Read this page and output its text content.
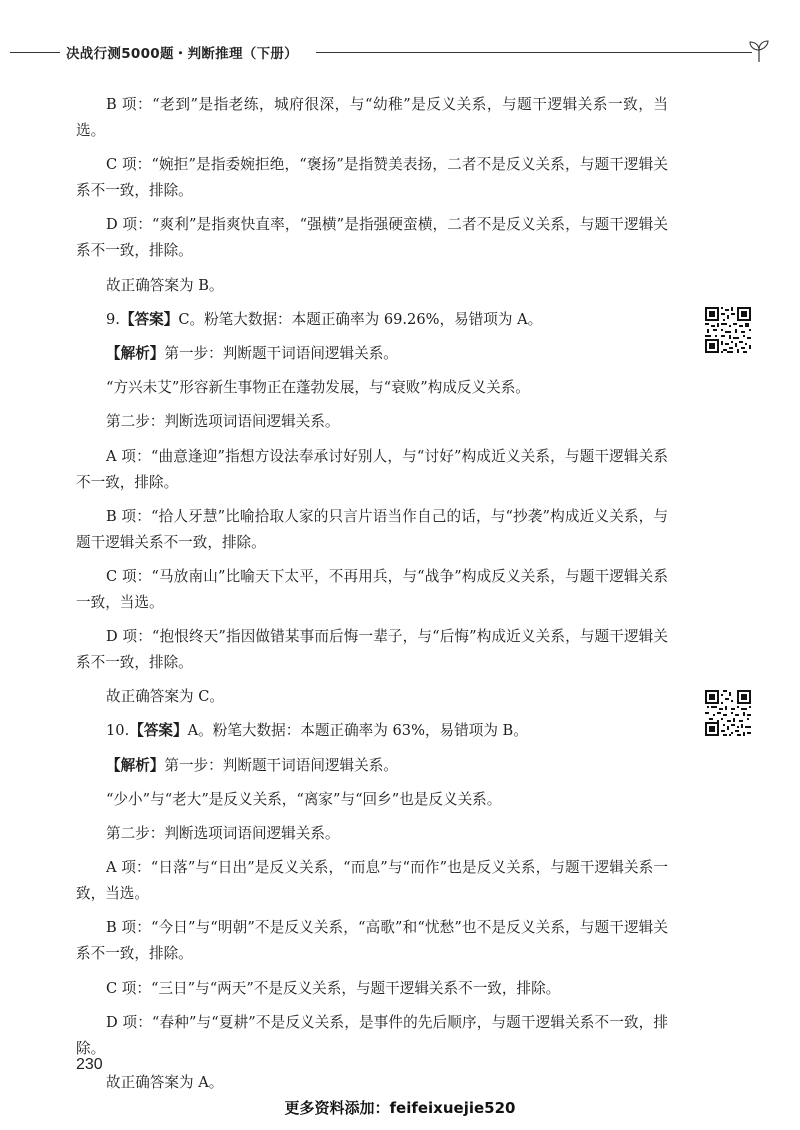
决战行测5000题・判断推理（下册）

B 项：“老到”是指老练，城府很深，与“幼稚”是反义关系，与题干逻辑关系一致，当选。

C 项：“婉拒”是指委婉拒绝，“褒扬”是指赞美表扬，二者不是反义关系，与题干逻辑关系不一致，排除。

D 项：“爽利”是指爽快直率，“强横”是指强硬蛮横，二者不是反义关系，与题干逻辑关系不一致，排除。

故正确答案为 B。

9.【答案】C。粉笔大数据：本题正确率为 69.26%，易错项为 A。

【解析】第一步：判断题干词语间逻辑关系。

“方兴未艾”形容新生事物正在蓬勃发展，与“衰败”构成反义关系。

第二步：判断选项词语间逻辑关系。

A 项：“曲意逢迎”指想方设法奉承讨好别人，与“讨好”构成近义关系，与题干逻辑关系不一致，排除。

B 项：“拾人牙慧”比喻拾取人家的只言片语当作自己的话，与“抄袭”构成近义关系，与题干逻辑关系不一致，排除。

C 项：“马放南山”比喻天下太平，不再用兵，与“战争”构成反义关系，与题干逻辑关系一致，当选。

D 项：“抱恨终天”指因做错某事而后悔一辈子，与“后悔”构成近义关系，与题干逻辑关系不一致，排除。

故正确答案为 C。

10.【答案】A。粉笔大数据：本题正确率为 63%，易错项为 B。

【解析】第一步：判断题干词语间逻辑关系。

“少小”与“老大”是反义关系，“离家”与“回乡”也是反义关系。

第二步：判断选项词语间逻辑关系。

A 项：“日落”与“日出”是反义关系，“而息”与“而作”也是反义关系，与题干逻辑关系一致，当选。

B 项：“今日”与“明朝”不是反义关系，“高歌”和“忧愁”也不是反义关系，与题干逻辑关系不一致，排除。

C 项：“三日”与“两天”不是反义关系，与题干逻辑关系不一致，排除。

D 项：“春种”与“夏耕”不是反义关系，是事件的先后顺序，与题干逻辑关系不一致，排除。

故正确答案为 A。

230
更多资料添加：feifeixuejie520
